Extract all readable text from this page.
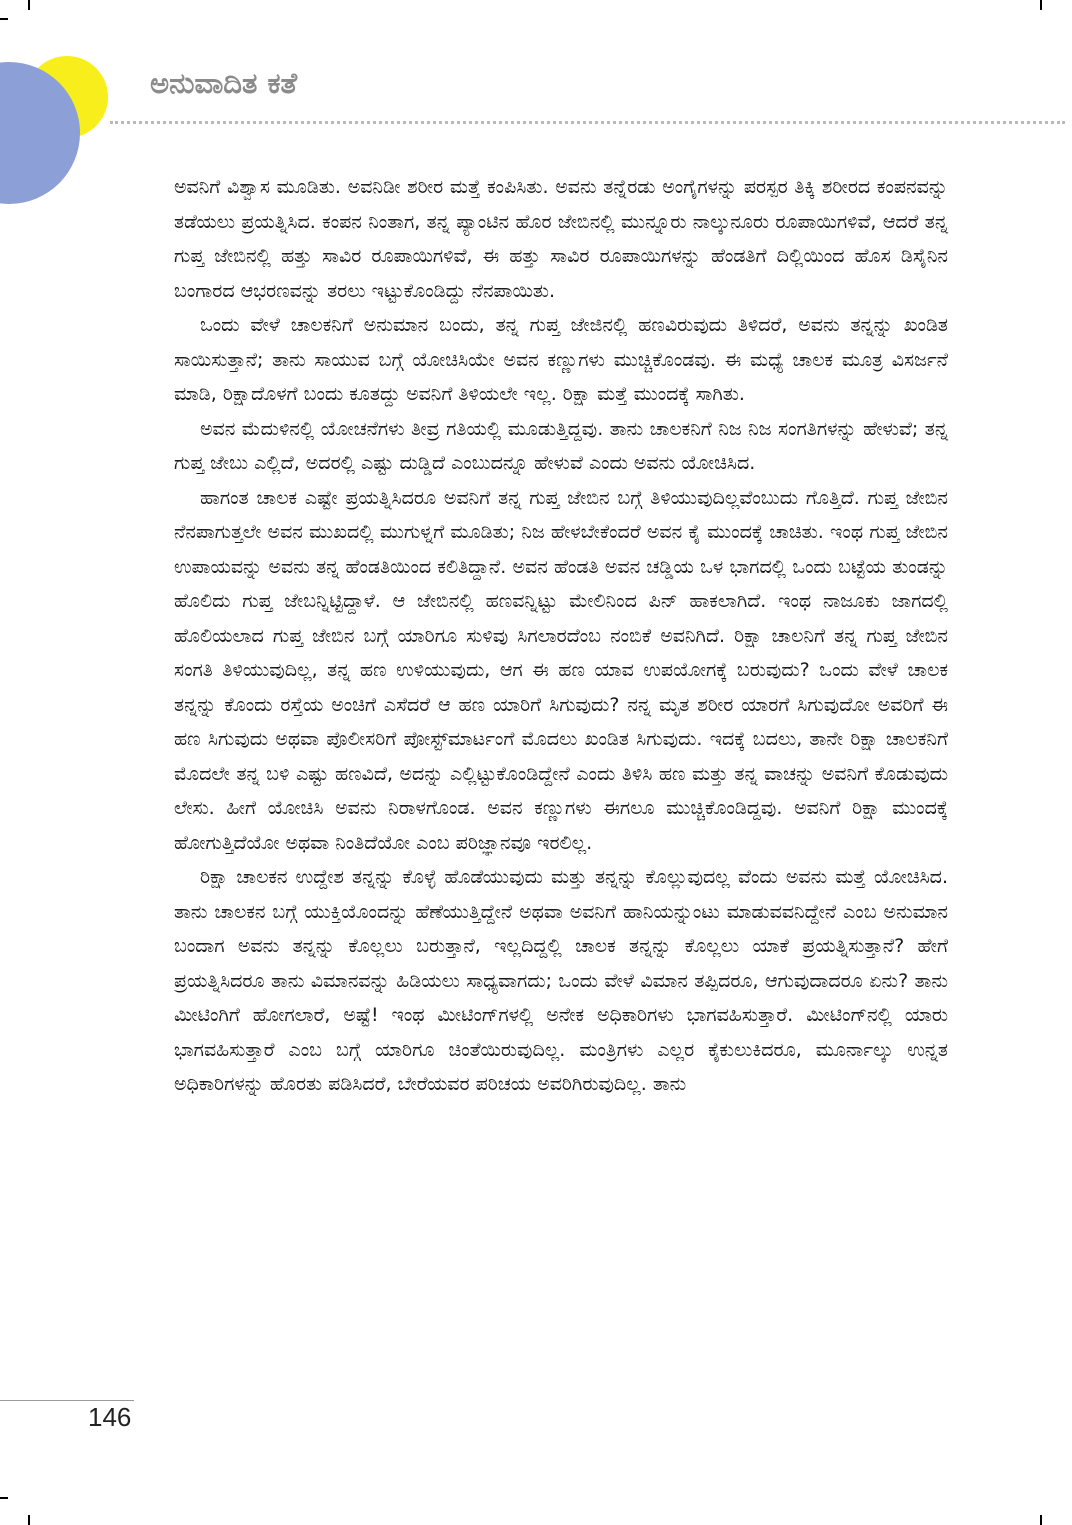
ಅನುವಾದಿತ ಕತೆ

ಅವನಿಗೆ ವಿಶ್ವಾಸ ಮೂಡಿತು. ಅವನಿಡೀ ಶರೀರ ಮತ್ತೆ ಕಂಪಿಸಿತು. ಅವನು ತನ್ನೆರಡು ಅಂಗೈಗಳನ್ನು ಪರಸ್ಪರ ತಿಕ್ಕಿ ಶರೀರದ ಕಂಪನವನ್ನು ತಡೆಯಲು ಪ್ರಯತ್ನಿಸಿದ. ಕಂಪನ ನಿಂತಾಗ, ತನ್ನ ಪ್ಯಾಂಟಿನ ಹೊರ ಜೇಬಿನಲ್ಲಿ ಮುನ್ನೂರು ನಾಲ್ಕುನೂರು ರೂಪಾಯಿಗಳಿವೆ, ಆದರೆ ತನ್ನ ಗುಪ್ತ ಜೇಬಿನಲ್ಲಿ ಹತ್ತು ಸಾವಿರ ರೂಪಾಯಿಗಳಿವೆ, ಈ ಹತ್ತು ಸಾವಿರ ರೂಪಾಯಿಗಳನ್ನು ಹೆಂಡತಿಗೆ ದಿಲ್ಲಿಯಿಂದ ಹೊಸ ಡಿಸೈನಿನ ಬಂಗಾರದ ಆಭರಣವನ್ನು ತರಲು ಇಟ್ಟುಕೊಂಡಿದ್ದು ನೆನಪಾಯಿತು.

ಒಂದು ವೇಳೆ ಚಾಲಕನಿಗೆ ಅನುಮಾನ ಬಂದು, ತನ್ನ ಗುಪ್ತ ಜೇಜಿನಲ್ಲಿ ಹಣವಿರುವುದು ತಿಳಿದರೆ, ಅವನು ತನ್ನನ್ನು ಖಂಡಿತ ಸಾಯಿಸುತ್ತಾನೆ; ತಾನು ಸಾಯುವ ಬಗ್ಗೆ ಯೋಚಿಸಿಯೇ ಅವನ ಕಣ್ಣುಗಳು ಮುಚ್ಚಿಕೊಂಡವು. ಈ ಮಧ್ಯೆ ಚಾಲಕ ಮೂತ್ರ ವಿಸರ್ಜನೆ ಮಾಡಿ, ರಿಕ್ಷಾದೊಳಗೆ ಬಂದು ಕೂತದ್ದು ಅವನಿಗೆ ತಿಳಿಯಲೇ ಇಲ್ಲ. ರಿಕ್ಷಾ ಮತ್ತೆ ಮುಂದಕ್ಕೆ ಸಾಗಿತು.

ಅವನ ಮೆದುಳಿನಲ್ಲಿ ಯೋಚನೆಗಳು ತೀವ್ರ ಗತಿಯಲ್ಲಿ ಮೂಡುತ್ತಿದ್ದವು. ತಾನು ಚಾಲಕನಿಗೆ ನಿಜ ನಿಜ ಸಂಗತಿಗಳನ್ನು ಹೇಳುವೆ; ತನ್ನ ಗುಪ್ತ ಜೇಬು ಎಲ್ಲಿದೆ, ಅದರಲ್ಲಿ ಎಷ್ಟು ದುಡ್ಡಿದೆ ಎಂಬುದನ್ನೂ ಹೇಳುವೆ ಎಂದು ಅವನು ಯೋಚಿಸಿದ.

ಹಾಗಂತ ಚಾಲಕ ಎಷ್ಟೇ ಪ್ರಯತ್ನಿಸಿದರೂ ಅವನಿಗೆ ತನ್ನ ಗುಪ್ತ ಜೇಬಿನ ಬಗ್ಗೆ ತಿಳಿಯುವುದಿಲ್ಲವೆಂಬುದು ಗೊತ್ತಿದೆ. ಗುಪ್ತ ಜೇಬಿನ ನೆನಪಾಗುತ್ತಲೇ ಅವನ ಮುಖದಲ್ಲಿ ಮುಗುಳ್ನಗೆ ಮೂಡಿತು; ನಿಜ ಹೇಳಬೇಕೆಂದರೆ ಅವನ ಕೈ ಮುಂದಕ್ಕೆ ಚಾಚಿತು. ಇಂಥ ಗುಪ್ತ ಜೇಬಿನ ಉಪಾಯವನ್ನು ಅವನು ತನ್ನ ಹೆಂಡತಿಯಿಂದ ಕಲಿತಿದ್ದಾನೆ. ಅವನ ಹೆಂಡತಿ ಅವನ ಚಡ್ಡಿಯ ಒಳ ಭಾಗದಲ್ಲಿ ಒಂದು ಬಟ್ಟೆಯ ತುಂಡನ್ನು ಹೊಲಿದು ಗುಪ್ತ ಜೇಬನ್ನಿಟ್ಟಿದ್ದಾಳೆ. ಆ ಜೇಬಿನಲ್ಲಿ ಹಣವನ್ನಿಟ್ಟು ಮೇಲಿನಿಂದ ಪಿನ್ ಹಾಕಲಾಗಿದೆ. ಇಂಥ ನಾಜೂಕು ಜಾಗದಲ್ಲಿ ಹೊಲಿಯಲಾದ ಗುಪ್ತ ಜೇಬಿನ ಬಗ್ಗೆ ಯಾರಿಗೂ ಸುಳಿವು ಸಿಗಲಾರದೆಂಬ ನಂಬಿಕೆ ಅವನಿಗಿದೆ. ರಿಕ್ಷಾ ಚಾಲನಿಗೆ ತನ್ನ ಗುಪ್ತ ಜೇಬಿನ ಸಂಗತಿ ತಿಳಿಯುವುದಿಲ್ಲ, ತನ್ನ ಹಣ ಉಳಿಯುವುದು, ಆಗ ಈ ಹಣ ಯಾವ ಉಪಯೋಗಕ್ಕೆ ಬರುವುದು? ಒಂದು ವೇಳೆ ಚಾಲಕ ತನ್ನನ್ನು ಕೊಂದು ರಸ್ತೆಯ ಅಂಚಿಗೆ ಎಸೆದರೆ ಆ ಹಣ ಯಾರಿಗೆ ಸಿಗುವುದು? ನನ್ನ ಮೃತ ಶರೀರ ಯಾರಗೆ ಸಿಗುವುದೋ ಅವರಿಗೆ ಈ ಹಣ ಸಿಗುವುದು ಅಥವಾ ಪೊಲೀಸರಿಗೆ ಪೋಸ್ಟ್‌ಮಾರ್ಟಂಗೆ ಮೊದಲು ಖಂಡಿತ ಸಿಗುವುದು. ಇದಕ್ಕೆ ಬದಲು, ತಾನೇ ರಿಕ್ಷಾ ಚಾಲಕನಿಗೆ ಮೊದಲೇ ತನ್ನ ಬಳಿ ಎಷ್ಟು ಹಣವಿದೆ, ಅದನ್ನು ಎಲ್ಲಿಟ್ಟುಕೊಂಡಿದ್ದೇನೆ ಎಂದು ತಿಳಿಸಿ ಹಣ ಮತ್ತು ತನ್ನ ವಾಚನ್ನು ಅವನಿಗೆ ಕೊಡುವುದು ಲೇಸು. ಹೀಗೆ ಯೋಚಿಸಿ ಅವನು ನಿರಾಳಗೊಂಡ. ಅವನ ಕಣ್ಣುಗಳು ಈಗಲೂ ಮುಚ್ಚಿಕೊಂಡಿದ್ದವು. ಅವನಿಗೆ ರಿಕ್ಷಾ ಮುಂದಕ್ಕೆ ಹೋಗುತ್ತಿದೆಯೋ ಅಥವಾ ನಿಂತಿದೆಯೋ ಎಂಬ ಪರಿಜ್ಞಾನವೂ ಇರಲಿಲ್ಲ.

ರಿಕ್ಷಾ ಚಾಲಕನ ಉದ್ದೇಶ ತನ್ನನ್ನು ಕೊಳ್ಳೆ ಹೊಡೆಯುವುದು ಮತ್ತು ತನ್ನನ್ನು ಕೊಲ್ಲುವುದಲ್ಲ ವೆಂದು ಅವನು ಮತ್ತೆ ಯೋಚಿಸಿದ. ತಾನು ಚಾಲಕನ ಬಗ್ಗೆ ಯುಕ್ತಿಯೊಂದನ್ನು ಹೆಣೆಯುತ್ತಿದ್ದೇನೆ ಅಥವಾ ಅವನಿಗೆ ಹಾನಿಯನ್ನುಂಟು ಮಾಡುವವನಿದ್ದೇನೆ ಎಂಬ ಅನುಮಾನ ಬಂದಾಗ ಅವನು ತನ್ನನ್ನು ಕೊಲ್ಲಲು ಬರುತ್ತಾನೆ, ಇಲ್ಲದಿದ್ದಲ್ಲಿ ಚಾಲಕ ತನ್ನನ್ನು ಕೊಲ್ಲಲು ಯಾಕೆ ಪ್ರಯತ್ನಿಸುತ್ತಾನೆ? ಹೇಗೆ ಪ್ರಯತ್ನಿಸಿದರೂ ತಾನು ವಿಮಾನವನ್ನು ಹಿಡಿಯಲು ಸಾಧ್ಯವಾಗದು; ಒಂದು ವೇಳೆ ವಿಮಾನ ತಪ್ಪಿದರೂ, ಆಗುವುದಾದರೂ ಏನು? ತಾನು ಮೀಟಿಂಗಿಗೆ ಹೋಗಲಾರೆ, ಅಷ್ಟೆ! ಇಂಥ ಮೀಟಿಂಗ್‌ಗಳಲ್ಲಿ ಅನೇಕ ಅಧಿಕಾರಿಗಳು ಭಾಗವಹಿಸುತ್ತಾರೆ. ಮೀಟಿಂಗ್‌ನಲ್ಲಿ ಯಾರು ಭಾಗವಹಿಸುತ್ತಾರೆ ಎಂಬ ಬಗ್ಗೆ ಯಾರಿಗೂ ಚಿಂತೆಯಿರುವುದಿಲ್ಲ. ಮಂತ್ರಿಗಳು ಎಲ್ಲರ ಕೈಕುಲುಕಿದರೂ, ಮೂರ್ನಾಲ್ಕು ಉನ್ನತ ಅಧಿಕಾರಿಗಳನ್ನು ಹೊರತು ಪಡಿಸಿದರೆ, ಬೇರೆಯವರ ಪರಿಚಯ ಅವರಿಗಿರುವುದಿಲ್ಲ. ತಾನು

146
